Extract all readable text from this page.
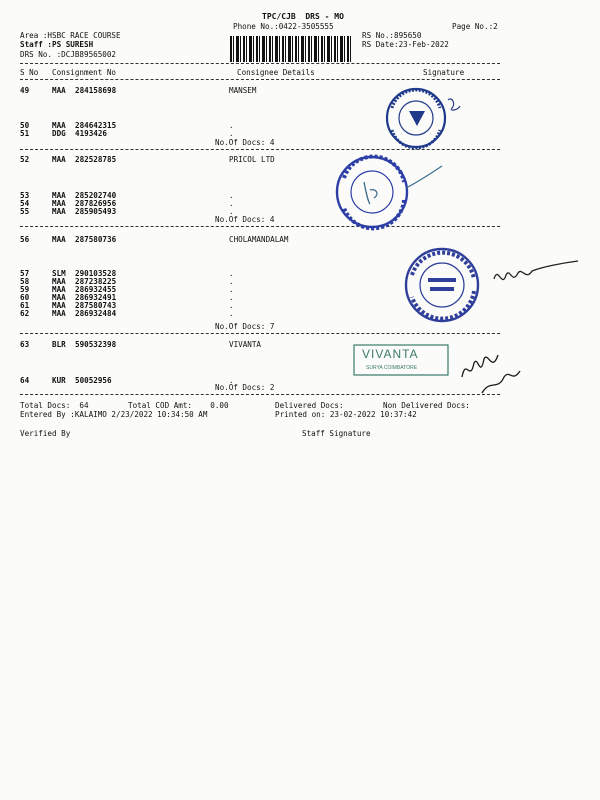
TPC/CJB  DRS - MO
Phone No.:0422-3505555	Page No.:2
Area :HSBC RACE COURSE
Staff :PS SURESH
DRS No. :DCJB89565002
RS No.:895650
RS Date:23-Feb-2022
S No Consignment No	Consignee Details	Signature
49	MAA 284158698	MANSEM
50	MAA 284642315	.
51	DDG 4193426	.
No.Of Docs: 4
52	MAA 282528785	PRICOL LTD
53	MAA 285202740	.
54	MAA 287826956	.
55	MAA 285905493	.
No.Of Docs: 4
56	MAA 287580736	CHOLAMANDALAM
57	SLM 290103528	.
58	MAA 287238225	.
59	MAA 286932455	.
60	MAA 286932491	.
61	MAA 287580743	.
62	MAA 286932484	.
No.Of Docs: 7
63	BLR 590532398	VIVANTA
64	KUR 50052956	.
No.Of Docs: 2
Total Docs:  64	Total COD Amt:    0.00	Delivered Docs:	Non Delivered Docs:
Entered By :KALAIMO 2/23/2022 10:34:50 AM	Printed on: 23-02-2022 10:37:42
Verified By	Staff Signature
VIVANTA
SURYA COIMBATORE
